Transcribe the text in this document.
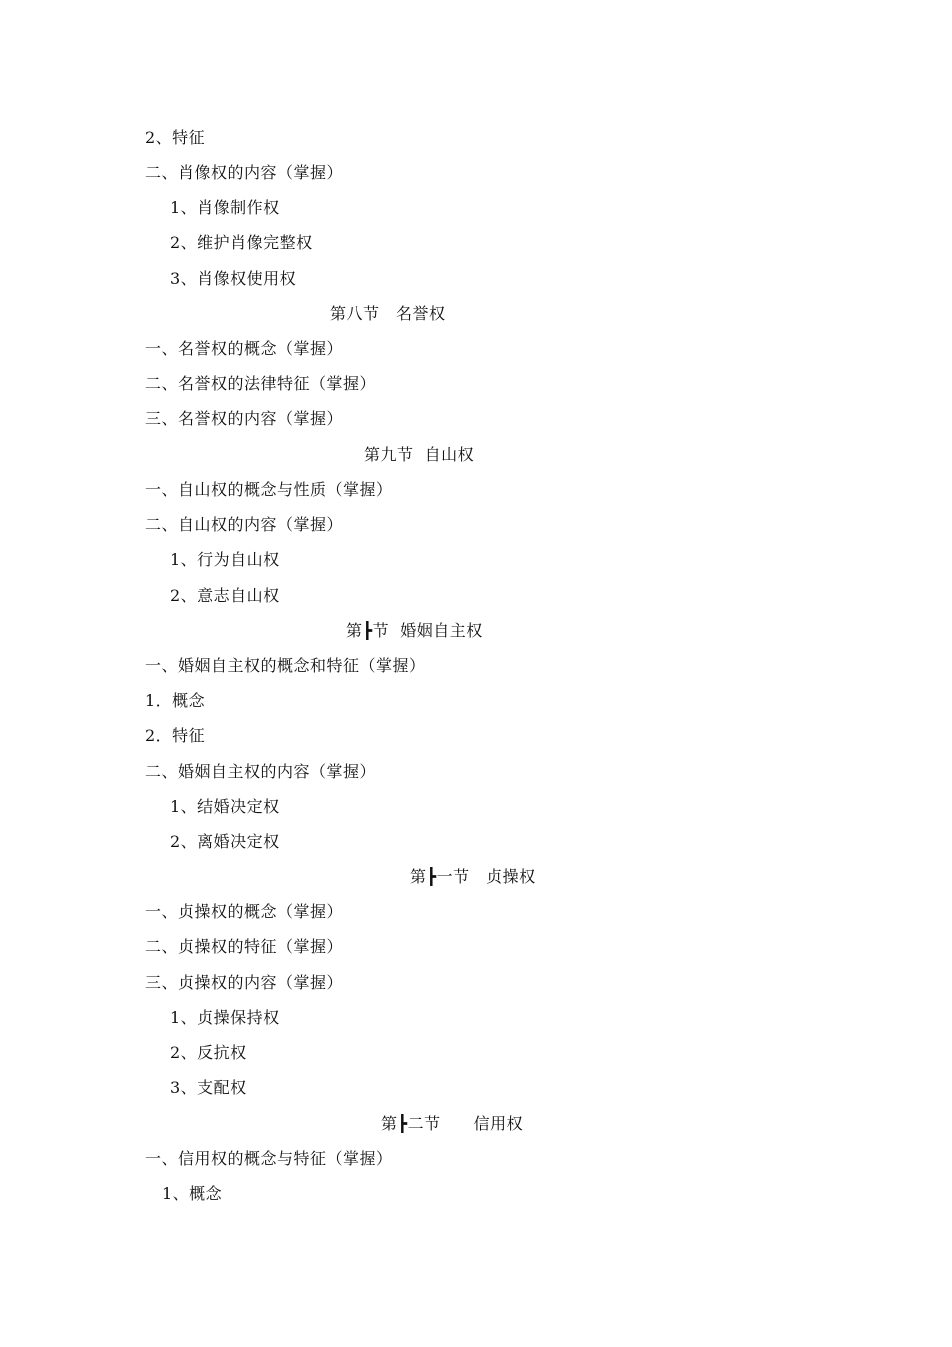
2、特征
二、肖像权的内容（掌握）
1、肖像制作权
2、维护肖像完整权
3、肖像权使用权
第八节　名誉权
一、名誉权的概念（掌握）
二、名誉权的法律特征（掌握）
三、名誉权的内容（掌握）
第九节  自山权
一、自山权的概念与性质（掌握）
二、自山权的内容（掌握）
1、行为自山权
2、意志自山权
第┣节  婚姻自主权
一、婚姻自主权的概念和特征（掌握）
1．概念
2．特征
二、婚姻自主权的内容（掌握）
1、结婚决定权
2、离婚决定权
第┣一节　贞操权
一、贞操权的概念（掌握）
二、贞操权的特征（掌握）
三、贞操权的内容（掌握）
1、贞操保持权
2、反抗权
3、支配权
第┣二节　　信用权
一、信用权的概念与特征（掌握）
1、概念
